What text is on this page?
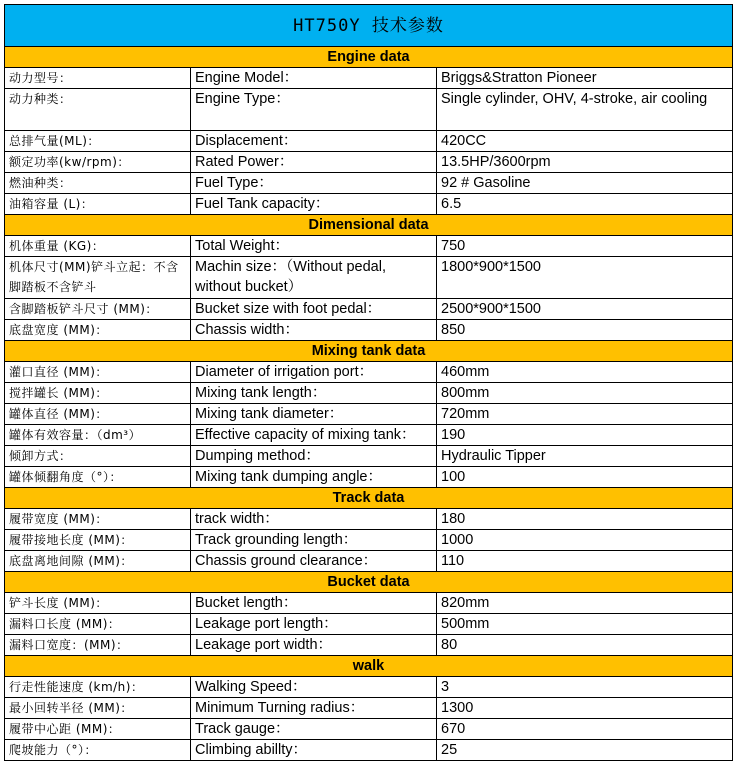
HT750Y 技术参数		
Engine data		
动力型号：	Engine Model：	Briggs&Stratton Pioneer
动力种类：	Engine Type：	Single cylinder, OHV, 4-stroke, air cooling
总排气量(ML)：	Displacement：	420CC
额定功率(kw/rpm)：	Rated Power：	13.5HP/3600rpm
燃油种类：	Fuel Type：	92 # Gasoline
油箱容量 (L)：	Fuel Tank capacity：	6.5
Dimensional data		
机体重量 (KG)：	Total Weight：	750
机体尺寸(MM)铲斗立起：不含脚踏板不含铲斗	Machin size：（Without pedal, without bucket）	1800*900*1500
含脚踏板铲斗尺寸 (MM)：	Bucket size with foot pedal：	2500*900*1500
底盘宽度 (MM)：	Chassis width：	850
Mixing tank data		
灌口直径 (MM)：	Diameter of irrigation port：	460mm
搅拌罐长 (MM)：	Mixing tank length：	800mm
罐体直径 (MM)：	Mixing tank diameter：	720mm
罐体有效容量：（dm³）	Effective capacity of mixing tank：	190
倾卸方式：	Dumping method：	Hydraulic Tipper
罐体倾翻角度（°）：	Mixing tank dumping angle：	100
Track data		
履带宽度 (MM)：	track width：	180
履带接地长度 (MM)：	Track grounding length：	1000
底盘离地间隙 (MM)：	Chassis ground clearance：	110
Bucket data		
铲斗长度 (MM)：	Bucket length：	820mm
漏料口长度 (MM)：	Leakage port length：	500mm
漏料口宽度：(MM)：	Leakage port width：	80
walk		
行走性能速度 (km/h)：	Walking Speed：	3
最小回转半径 (MM)：	Minimum Turning radius：	1300
履带中心距 (MM)：	Track gauge：	670
爬坡能力（°）：	Climbing abillty：	25
